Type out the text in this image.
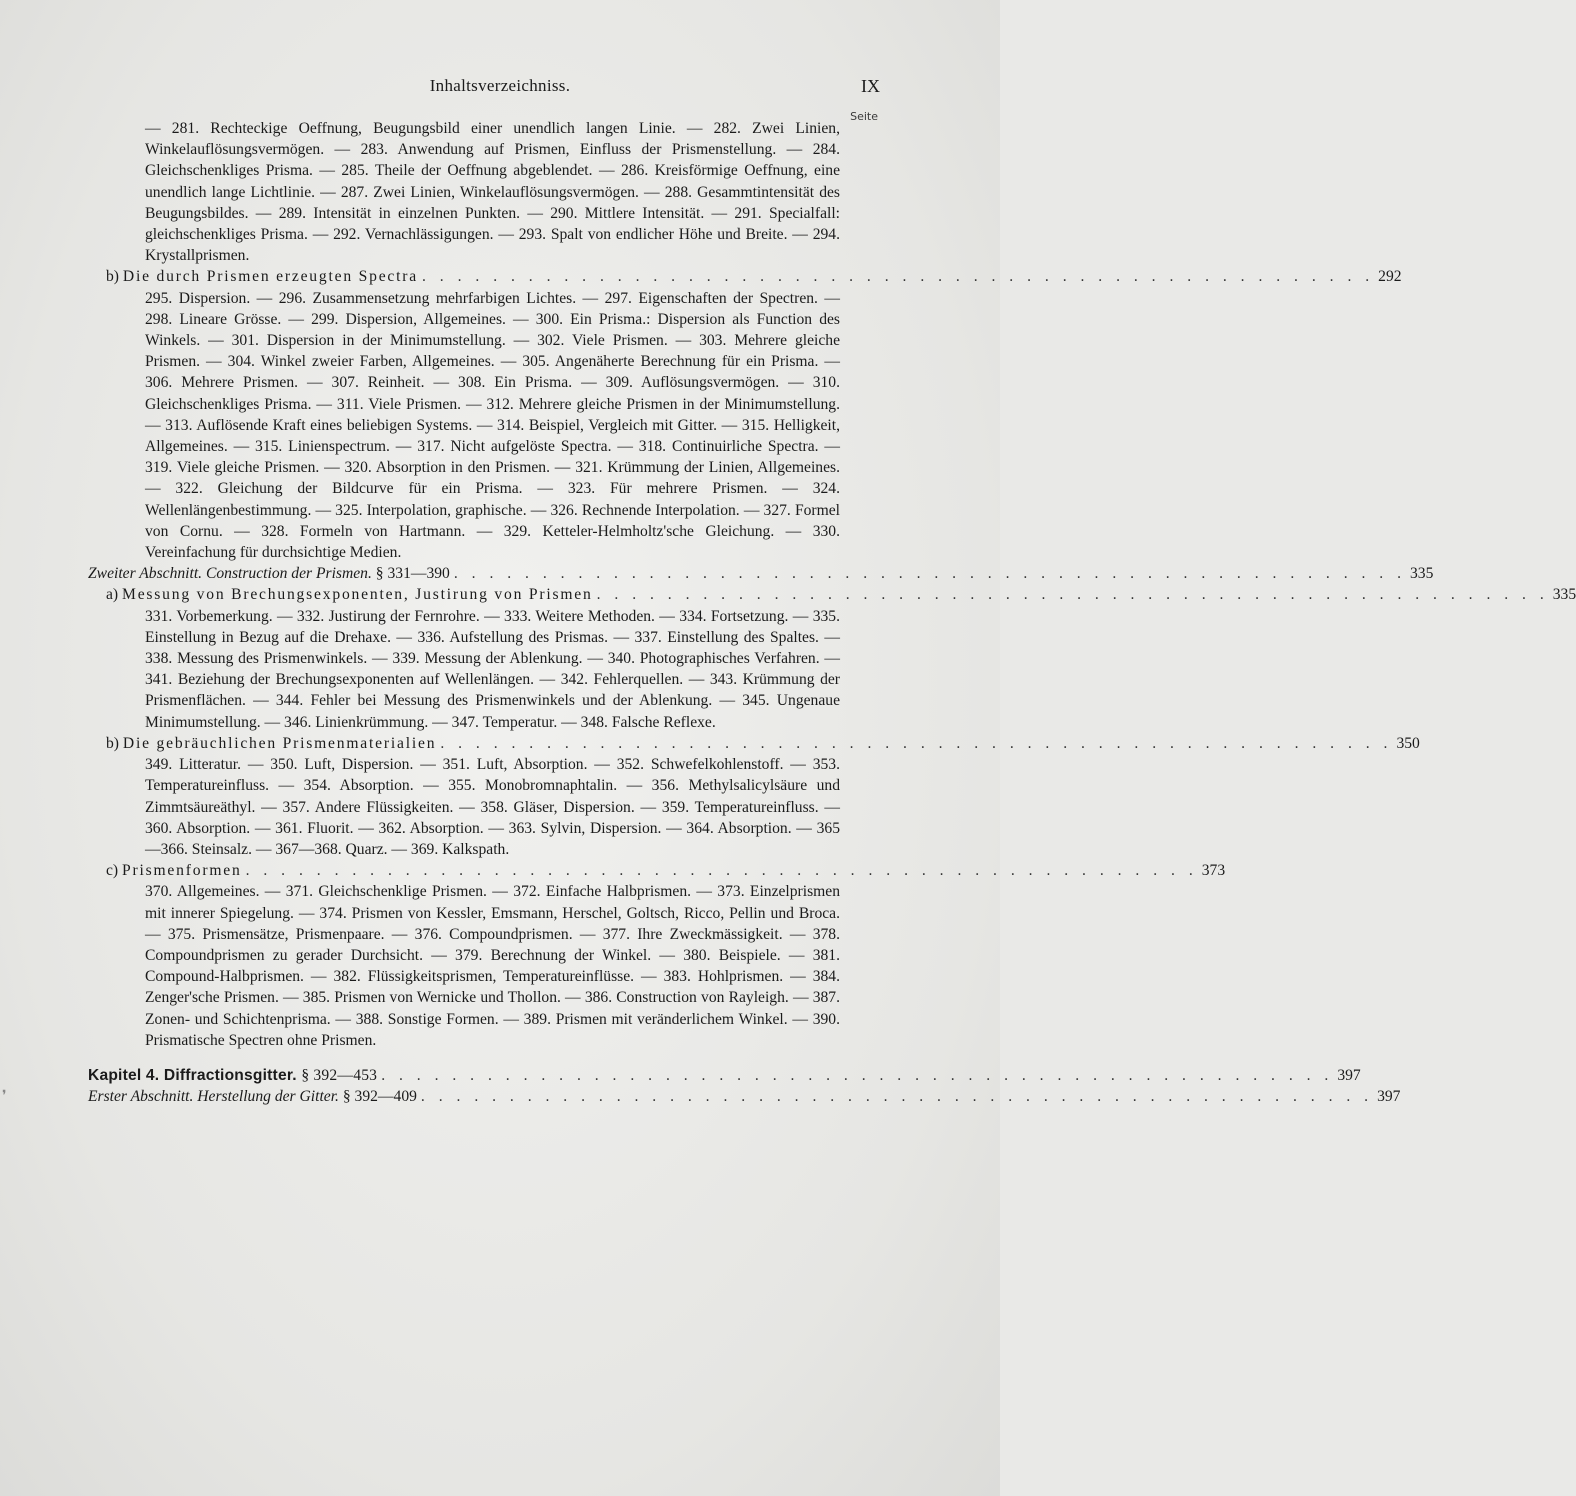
Inhaltsverzeichniss.	IX
Seite
❜

— 281. Rechteckige Oeffnung, Beugungsbild einer unendlich langen Linie. — 282. Zwei Linien, Winkelauflösungsvermögen. — 283. Anwendung auf Prismen, Einfluss der Prismenstellung. — 284. Gleichschenkliges Prisma. — 285. Theile der Oeffnung abgeblendet. — 286. Kreisförmige Oeffnung, eine unendlich lange Lichtlinie. — 287. Zwei Linien, Winkelauflösungsvermögen. — 288. Gesammtintensität des Beugungsbildes. — 289. Intensität in einzelnen Punkten. — 290. Mittlere Intensität. — 291. Specialfall: gleichschenkliges Prisma. — 292. Vernachlässigungen. — 293. Spalt von endlicher Höhe und Breite. — 294. Krystallprismen.

b) Die durch Prismen erzeugten Spectra . . . . . . . . . . . . . . . . . . . . . . . . . . . . . . . . . . . . . . . . . . . . . . . . . . . . . . 292

295. Dispersion. — 296. Zusammensetzung mehrfarbigen Lichtes. — 297. Eigenschaften der Spectren. — 298. Lineare Grösse. — 299. Dispersion, Allgemeines. — 300. Ein Prisma.: Dispersion als Function des Winkels. — 301. Dispersion in der Minimumstellung. — 302. Viele Prismen. — 303. Mehrere gleiche Prismen. — 304. Winkel zweier Farben, Allgemeines. — 305. Angenäherte Berechnung für ein Prisma. — 306. Mehrere Prismen. — 307. Reinheit. — 308. Ein Prisma. — 309. Auflösungsvermögen. — 310. Gleichschenkliges Prisma. — 311. Viele Prismen. — 312. Mehrere gleiche Prismen in der Minimumstellung. — 313. Auflösende Kraft eines beliebigen Systems. — 314. Beispiel, Vergleich mit Gitter. — 315. Helligkeit, Allgemeines. — 315. Linienspectrum. — 317. Nicht aufgelöste Spectra. — 318. Continuirliche Spectra. — 319. Viele gleiche Prismen. — 320. Absorption in den Prismen. — 321. Krümmung der Linien, Allgemeines. — 322. Gleichung der Bildcurve für ein Prisma. — 323. Für mehrere Prismen. — 324. Wellenlängenbestimmung. — 325. Interpolation, graphische. — 326. Rechnende Interpolation. — 327. Formel von Cornu. — 328. Formeln von Hartmann. — 329. Ketteler-Helmholtz'sche Gleichung. — 330. Vereinfachung für durchsichtige Medien.

Zweiter Abschnitt. Construction der Prismen. § 331—390 . . . . . . . . . . . . . . . . . . . . . . . . . . . . . . . . . . . . . . . . . . . . . . . . . . . . . . 335
a) Messung von Brechungsexponenten, Justirung von Prismen . . . . . . . . . . . . . . . . . . . . . . . . . . . . . . . . . . . . . . . . . . . . . . . . . . . . . . 335

331. Vorbemerkung. — 332. Justirung der Fernrohre. — 333. Weitere Methoden. — 334. Fortsetzung. — 335. Einstellung in Bezug auf die Drehaxe. — 336. Aufstellung des Prismas. — 337. Einstellung des Spaltes. — 338. Messung des Prismenwinkels. — 339. Messung der Ablenkung. — 340. Photographisches Verfahren. — 341. Beziehung der Brechungsexponenten auf Wellenlängen. — 342. Fehlerquellen. — 343. Krümmung der Prismenflächen. — 344. Fehler bei Messung des Prismenwinkels und der Ablenkung. — 345. Ungenaue Minimumstellung. — 346. Linienkrümmung. — 347. Temperatur. — 348. Falsche Reflexe.

b) Die gebräuchlichen Prismenmaterialien . . . . . . . . . . . . . . . . . . . . . . . . . . . . . . . . . . . . . . . . . . . . . . . . . . . . . . 350

349. Litteratur. — 350. Luft, Dispersion. — 351. Luft, Absorption. — 352. Schwefelkohlenstoff. — 353. Temperatureinfluss. — 354. Absorption. — 355. Monobromnaphtalin. — 356. Methylsalicylsäure und Zimmtsäureäthyl. — 357. Andere Flüssigkeiten. — 358. Gläser, Dispersion. — 359. Temperatureinfluss. — 360. Absorption. — 361. Fluorit. — 362. Absorption. — 363. Sylvin, Dispersion. — 364. Absorption. — 365—366. Steinsalz. — 367—368. Quarz. — 369. Kalkspath.

c) Prismenformen . . . . . . . . . . . . . . . . . . . . . . . . . . . . . . . . . . . . . . . . . . . . . . . . . . . . . . 373

370. Allgemeines. — 371. Gleichschenklige Prismen. — 372. Einfache Halbprismen. — 373. Einzelprismen mit innerer Spiegelung. — 374. Prismen von Kessler, Emsmann, Herschel, Goltsch, Ricco, Pellin und Broca. — 375. Prismensätze, Prismenpaare. — 376. Compoundprismen. — 377. Ihre Zweckmässigkeit. — 378. Compoundprismen zu gerader Durchsicht. — 379. Berechnung der Winkel. — 380. Beispiele. — 381. Compound-Halbprismen. — 382. Flüssigkeitsprismen, Temperatureinflüsse. — 383. Hohlprismen. — 384. Zenger'sche Prismen. — 385. Prismen von Wernicke und Thollon. — 386. Construction von Rayleigh. — 387. Zonen- und Schichtenprisma. — 388. Sonstige Formen. — 389. Prismen mit veränderlichem Winkel. — 390. Prismatische Spectren ohne Prismen.

Kapitel 4. Diffractionsgitter. § 392—453 . . . . . . . . . . . . . . . . . . . . . . . . . . . . . . . . . . . . . . . . . . . . . . . . . . . . . . 397
Erster Abschnitt. Herstellung der Gitter. § 392—409 . . . . . . . . . . . . . . . . . . . . . . . . . . . . . . . . . . . . . . . . . . . . . . . . . . . . . . 397
